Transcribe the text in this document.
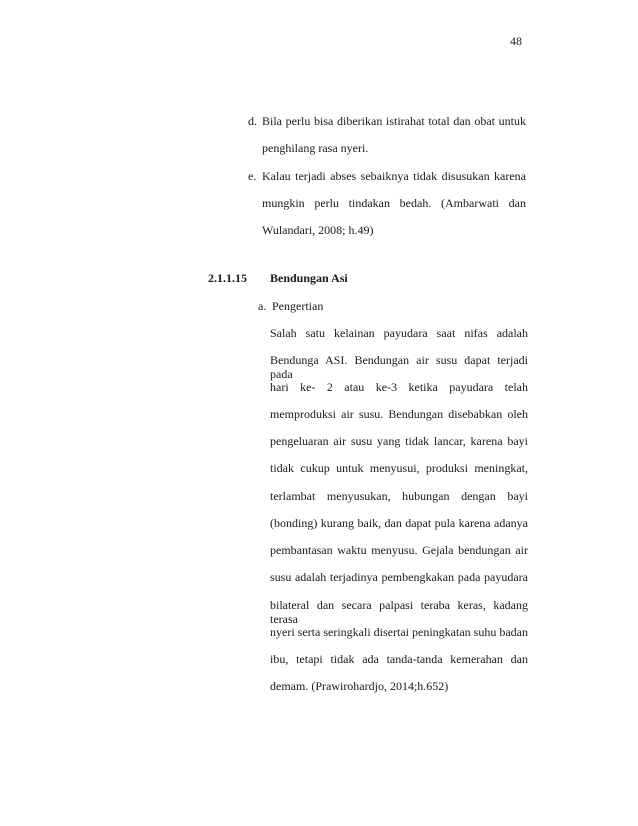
48
d. Bila perlu bisa diberikan istirahat total dan obat untuk
penghilang rasa nyeri.
e. Kalau terjadi abses sebaiknya tidak disusukan karena
mungkin perlu tindakan bedah. (Ambarwati dan
Wulandari, 2008; h.49)
2.1.1.15 Bendungan Asi
a. Pengertian
Salah satu kelainan payudara saat nifas adalah
Bendunga ASI. Bendungan air susu dapat terjadi pada
hari ke- 2 atau ke-3 ketika payudara telah
memproduksi air susu. Bendungan disebabkan oleh
pengeluaran air susu yang tidak lancar, karena bayi
tidak cukup untuk menyusui, produksi meningkat,
terlambat menyusukan, hubungan dengan bayi
(bonding) kurang baik, dan dapat pula karena adanya
pembantasan waktu menyusu. Gejala bendungan air
susu adalah terjadinya pembengkakan pada payudara
bilateral dan secara palpasi teraba keras, kadang terasa
nyeri serta seringkali disertai peningkatan suhu badan
ibu, tetapi tidak ada tanda-tanda kemerahan dan
demam. (Prawirohardjo, 2014;h.652)
